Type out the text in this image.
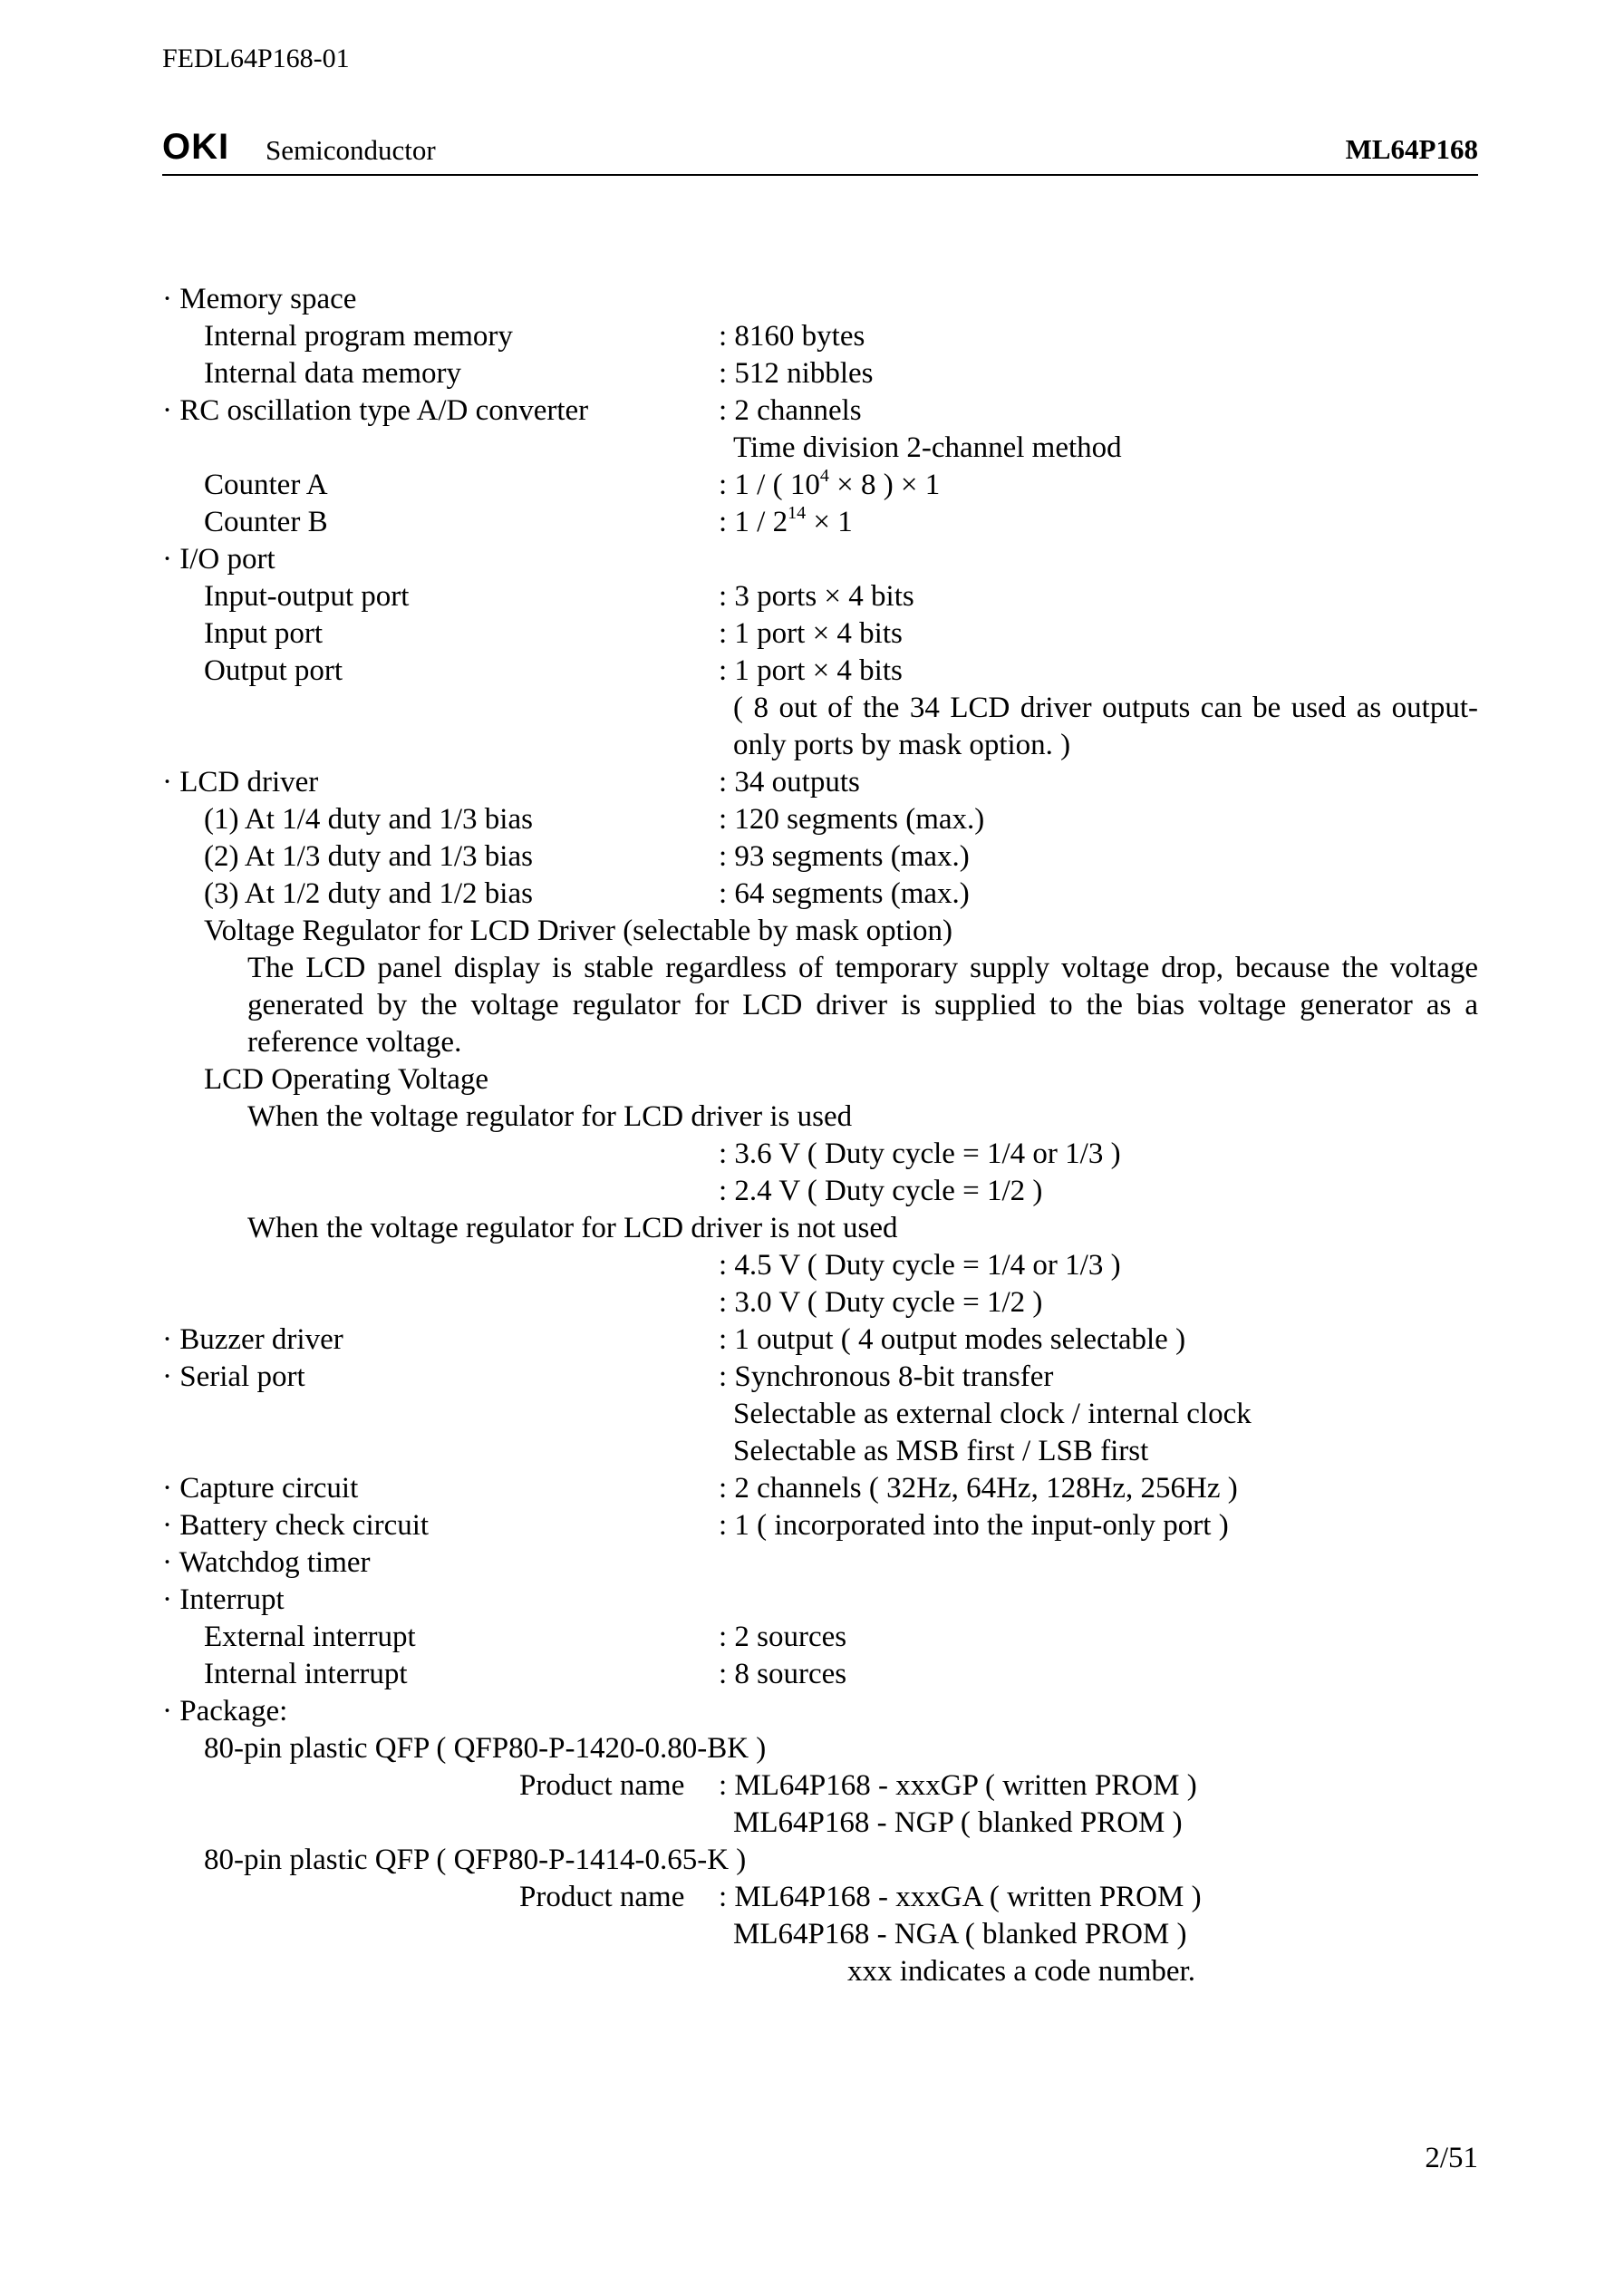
FEDL64P168-01
OKI Semiconductor	ML64P168
· Memory space
Internal program memory	: 8160 bytes
Internal data memory	: 512 nibbles
· RC oscillation type A/D converter	: 2 channels
Time division 2-channel method
Counter A	: 1 / ( $10^4 \times 8$ ) × 1
Counter B	: $1 / 2^{14} \times 1$
· I/O port
Input-output port	: 3 ports × 4 bits
Input port	: 1 port × 4 bits
Output port	: 1 port × 4 bits
( 8 out of the 34 LCD driver outputs can be used as output-only ports by mask option. )
· LCD driver	: 34 outputs
(1) At 1/4 duty and 1/3 bias	: 120 segments (max.)
(2) At 1/3 duty and 1/3 bias	: 93 segments (max.)
(3) At 1/2 duty and 1/2 bias	: 64 segments (max.)
Voltage Regulator for LCD Driver (selectable by mask option)
The LCD panel display is stable regardless of temporary supply voltage drop, because the voltage generated by the voltage regulator for LCD driver is supplied to the bias voltage generator as a reference voltage.
LCD Operating Voltage
When the voltage regulator for LCD driver is used
: 3.6 V ( Duty cycle = 1/4 or 1/3 )
: 2.4 V ( Duty cycle = 1/2 )
When the voltage regulator for LCD driver is not used
: 4.5 V ( Duty cycle = 1/4 or 1/3 )
: 3.0 V ( Duty cycle = 1/2 )
· Buzzer driver	: 1 output ( 4 output modes selectable )
· Serial port	: Synchronous 8-bit transfer
Selectable as external clock / internal clock
Selectable as MSB first / LSB first
· Capture circuit	: 2 channels ( 32Hz, 64Hz, 128Hz, 256Hz )
· Battery check circuit	: 1 ( incorporated into the input-only port )
· Watchdog timer
· Interrupt
External interrupt	: 2 sources
Internal interrupt	: 8 sources
· Package:
80-pin plastic QFP ( QFP80-P-1420-0.80-BK )
Product name : ML64P168 - xxxGP ( written PROM )
ML64P168 - NGP ( blanked PROM )
80-pin plastic QFP ( QFP80-P-1414-0.65-K )
Product name : ML64P168 - xxxGA ( written PROM )
ML64P168 - NGA ( blanked PROM )
xxx indicates a code number.
2/51
